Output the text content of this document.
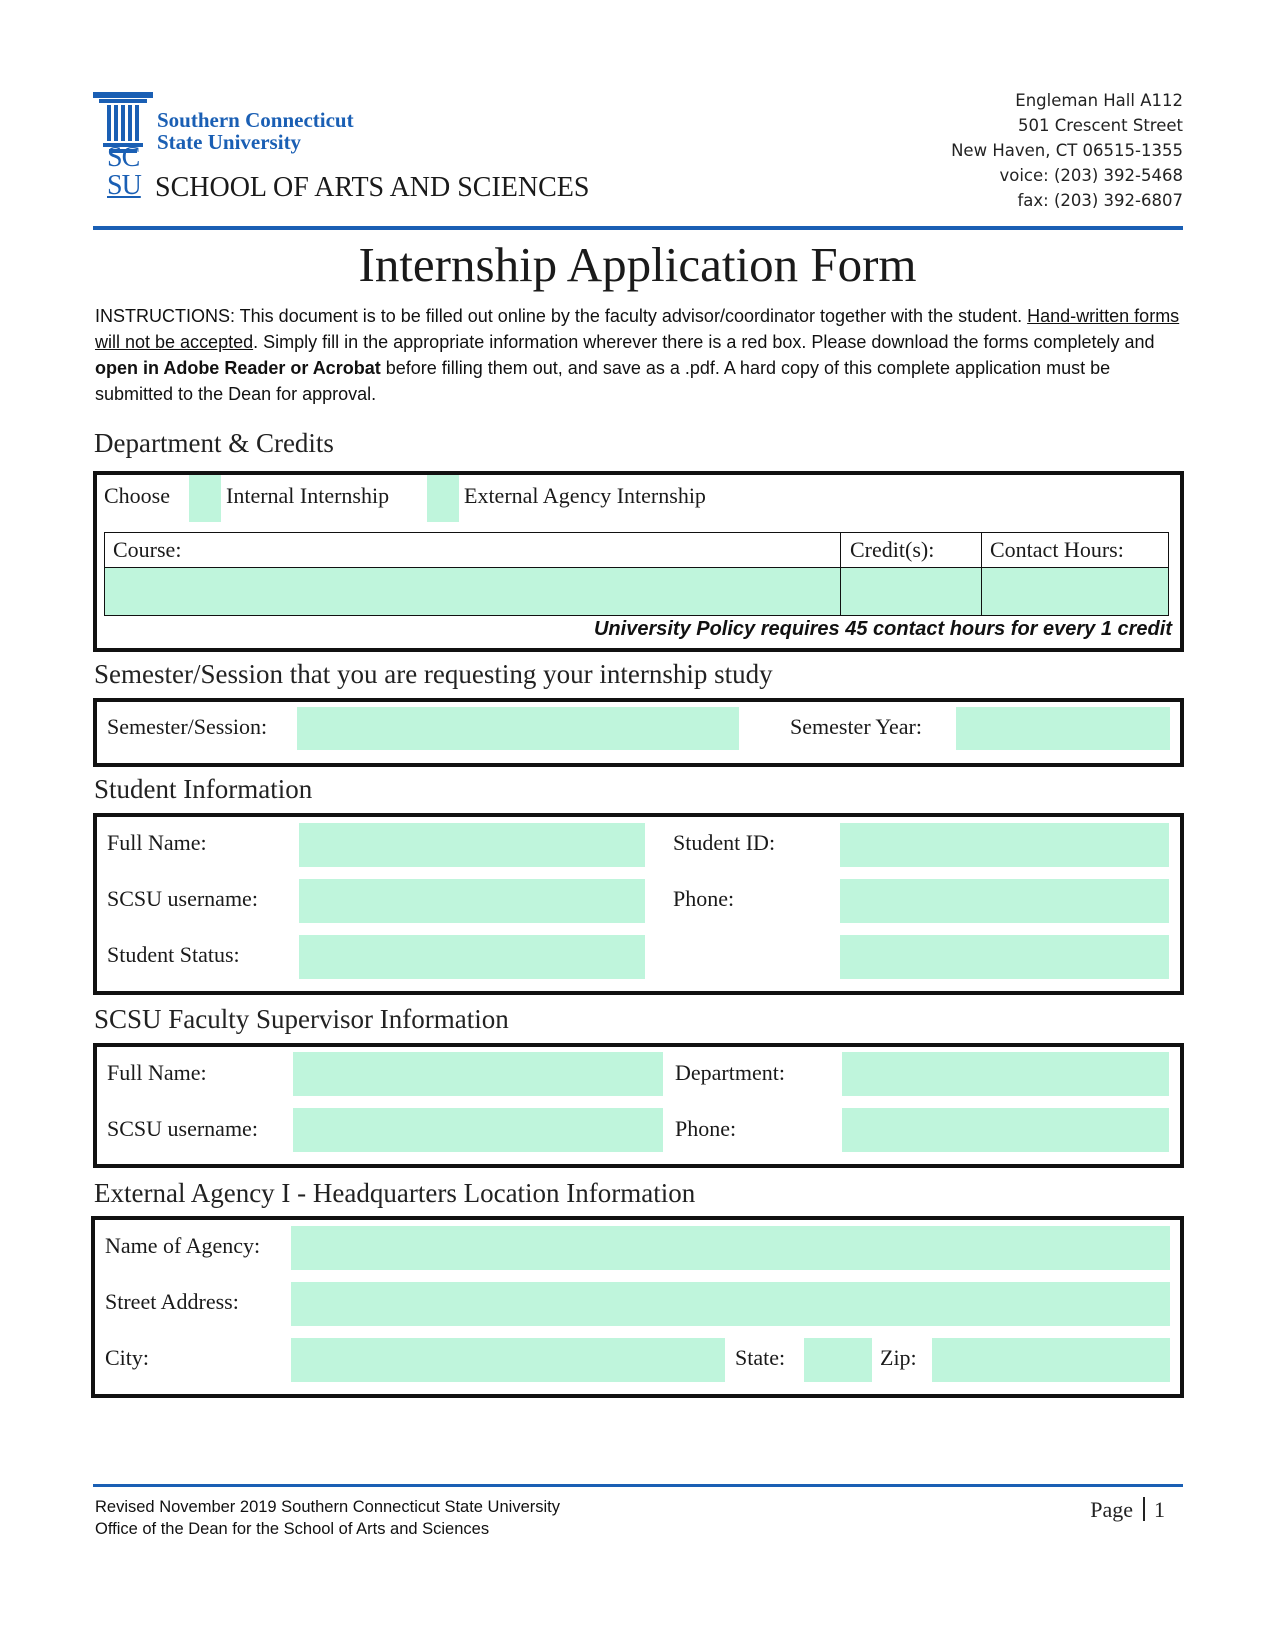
SC
SU
Southern Connecticut
State University
SCHOOL OF ARTS AND SCIENCES
Engleman Hall A112
501 Crescent Street
New Haven, CT 06515-1355
voice: (203) 392-5468
fax: (203) 392-6807
Internship Application Form
INSTRUCTIONS: This document is to be filled out online by the faculty advisor/coordinator together with the student. Hand-written forms will not be accepted. Simply fill in the appropriate information wherever there is a red box. Please download the forms completely and open in Adobe Reader or Acrobat before filling them out, and save as a .pdf. A hard copy of this complete application must be submitted to the Dean for approval.
Department & Credits
Choose	Internal Internship	External Agency Internship
Course:	Credit(s):	Contact Hours:
University Policy requires 45 contact hours for every 1 credit
Semester/Session that you are requesting your internship study
Semester/Session:	Semester Year:
Student Information
Full Name:	Student ID:
SCSU username:	Phone:
Student Status:
SCSU Faculty Supervisor Information
Full Name:	Department:
SCSU username:	Phone:
External Agency I - Headquarters Location Information
Name of Agency:
Street Address:
City:	State:	Zip:
Revised November 2019 Southern Connecticut State University
Office of the Dean for the School of Arts and Sciences
Page 1
